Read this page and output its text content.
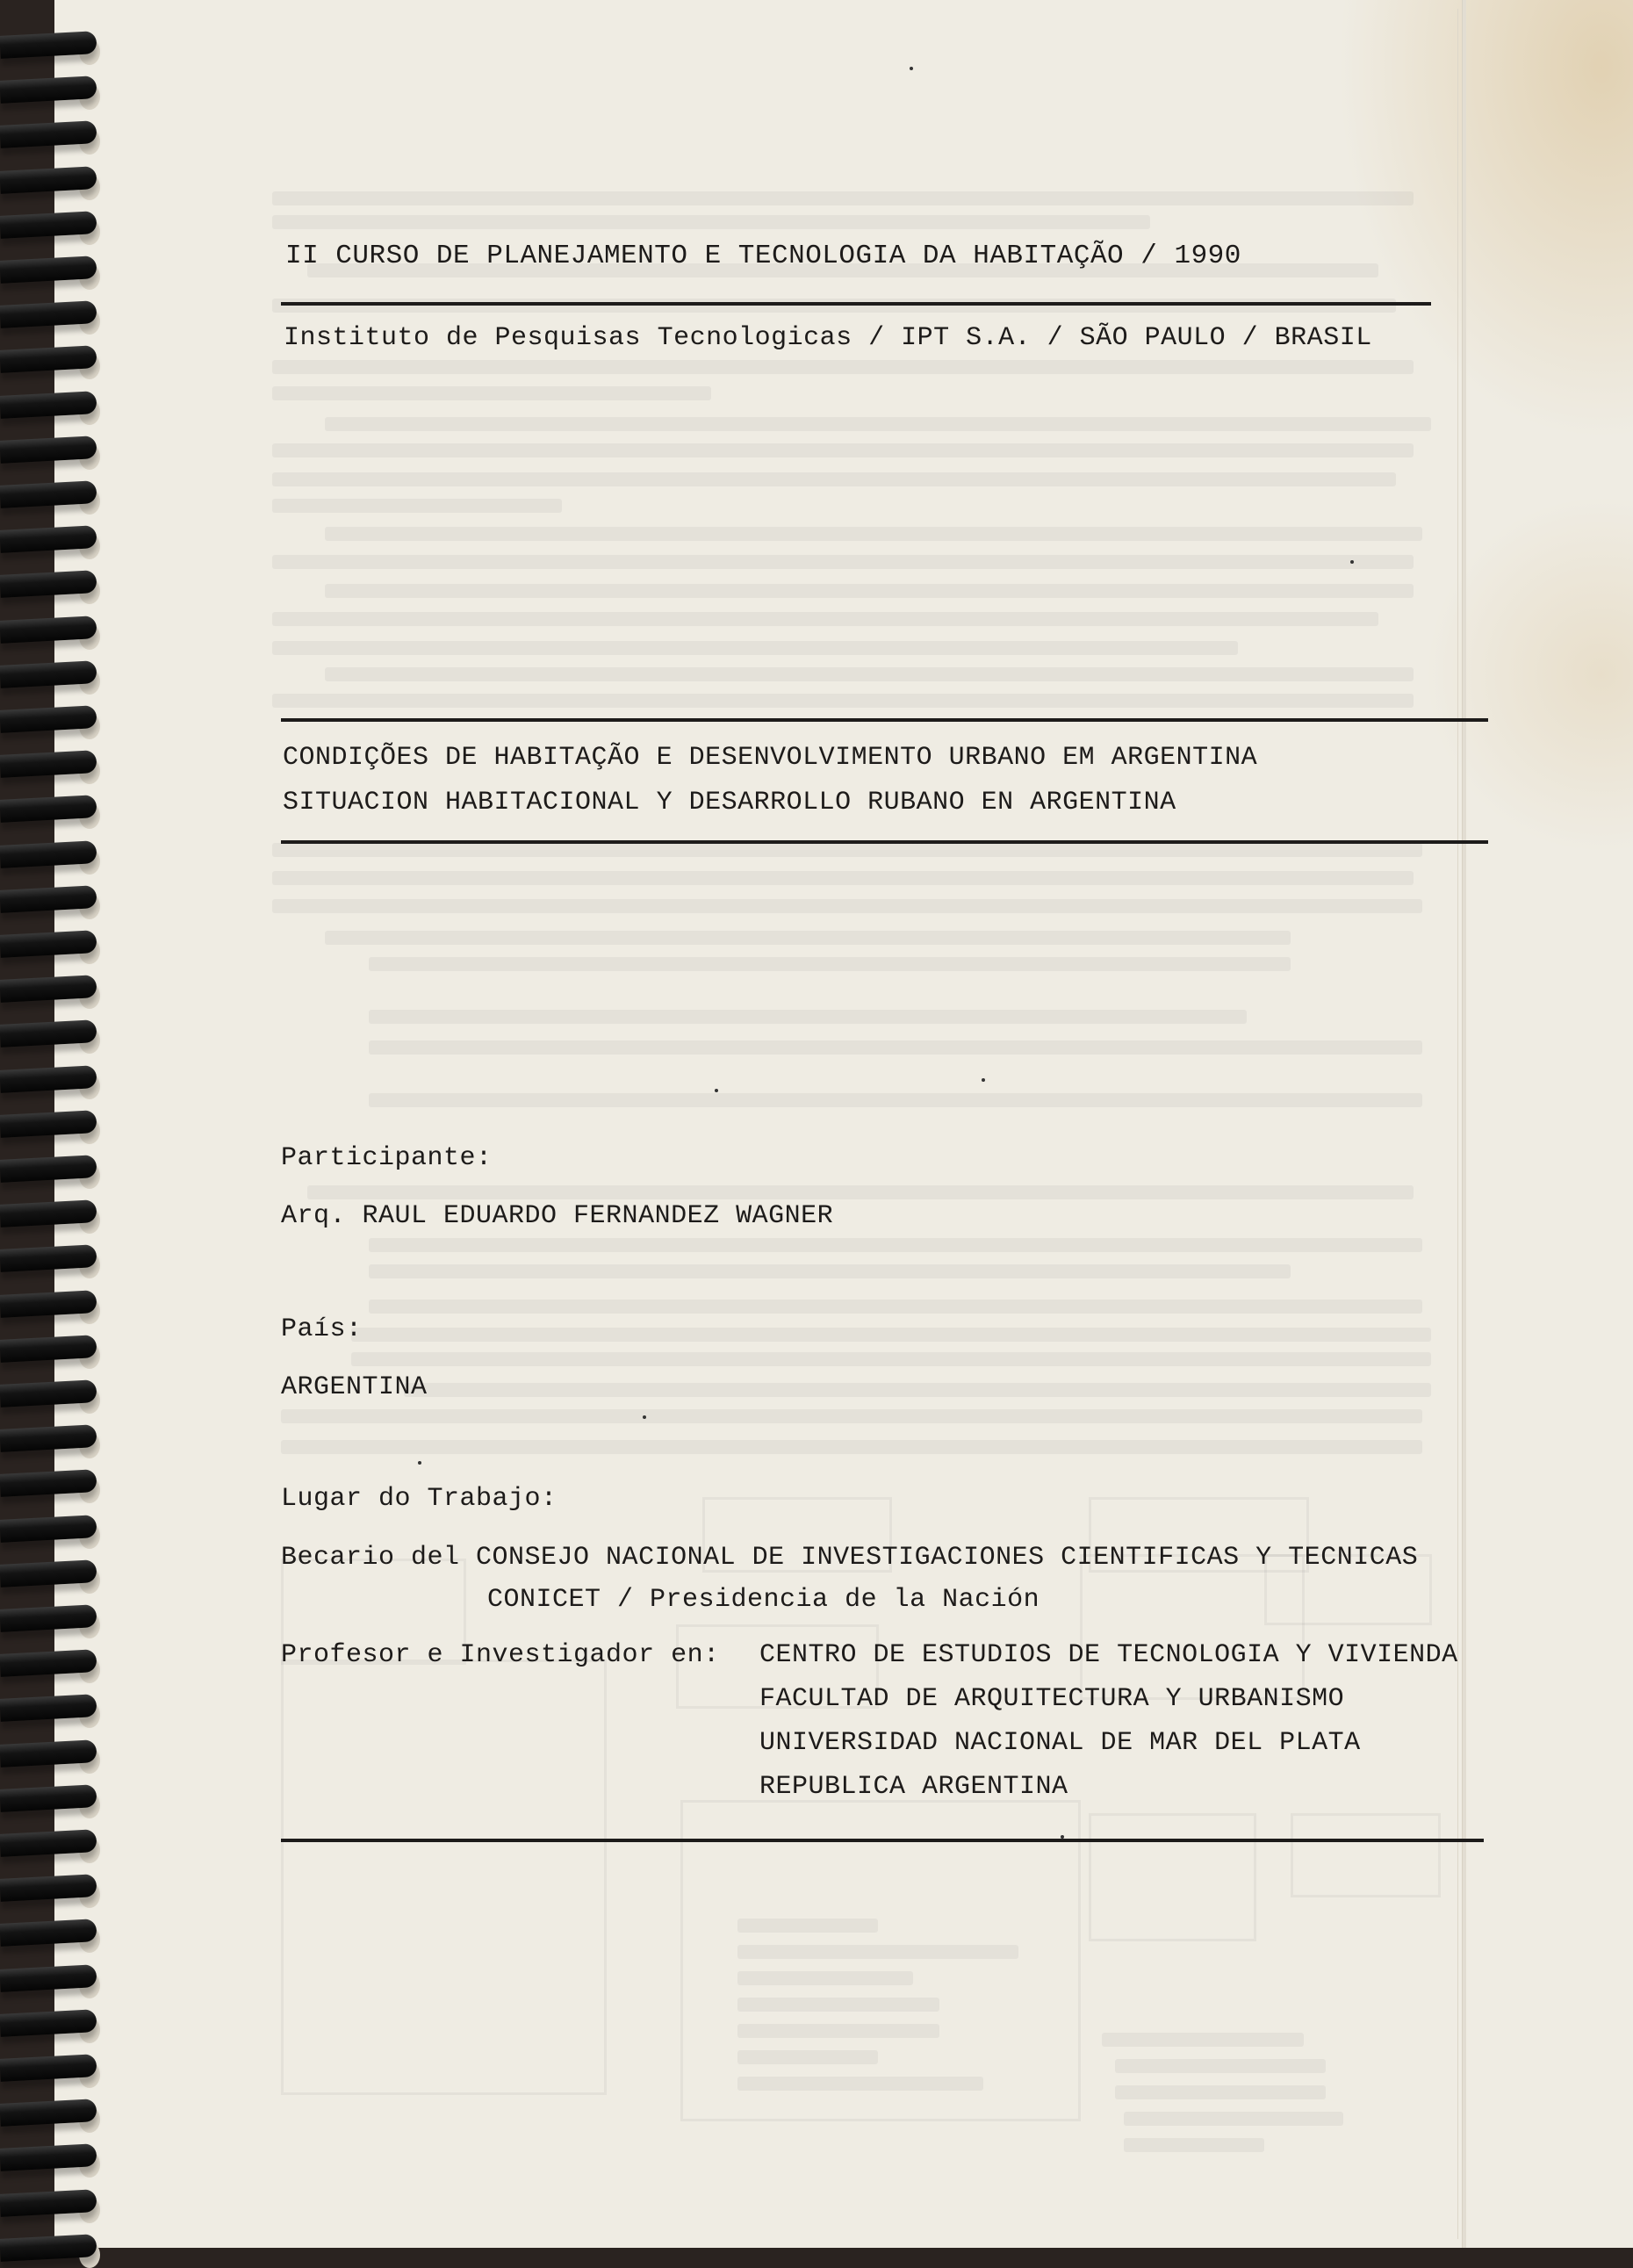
II CURSO DE PLANEJAMENTO E TECNOLOGIA DA HABITAÇÃO / 1990
Instituto de Pesquisas Tecnologicas / IPT S.A. / SÃO PAULO / BRASIL
CONDIÇÕES DE HABITAÇÃO E DESENVOLVIMENTO URBANO EM ARGENTINA
SITUACION HABITACIONAL Y DESARROLLO RUBANO EN ARGENTINA
Participante:
Arq. RAUL EDUARDO FERNANDEZ WAGNER
País:
ARGENTINA
Lugar do Trabajo:
Becario del CONSEJO NACIONAL DE INVESTIGACIONES CIENTIFICAS Y TECNICAS
CONICET / Presidencia de la Nación
Profesor e Investigador en: CENTRO DE ESTUDIOS DE TECNOLOGIA Y VIVIENDA
FACULTAD DE ARQUITECTURA Y URBANISMO
UNIVERSIDAD NACIONAL DE MAR DEL PLATA
REPUBLICA ARGENTINA
